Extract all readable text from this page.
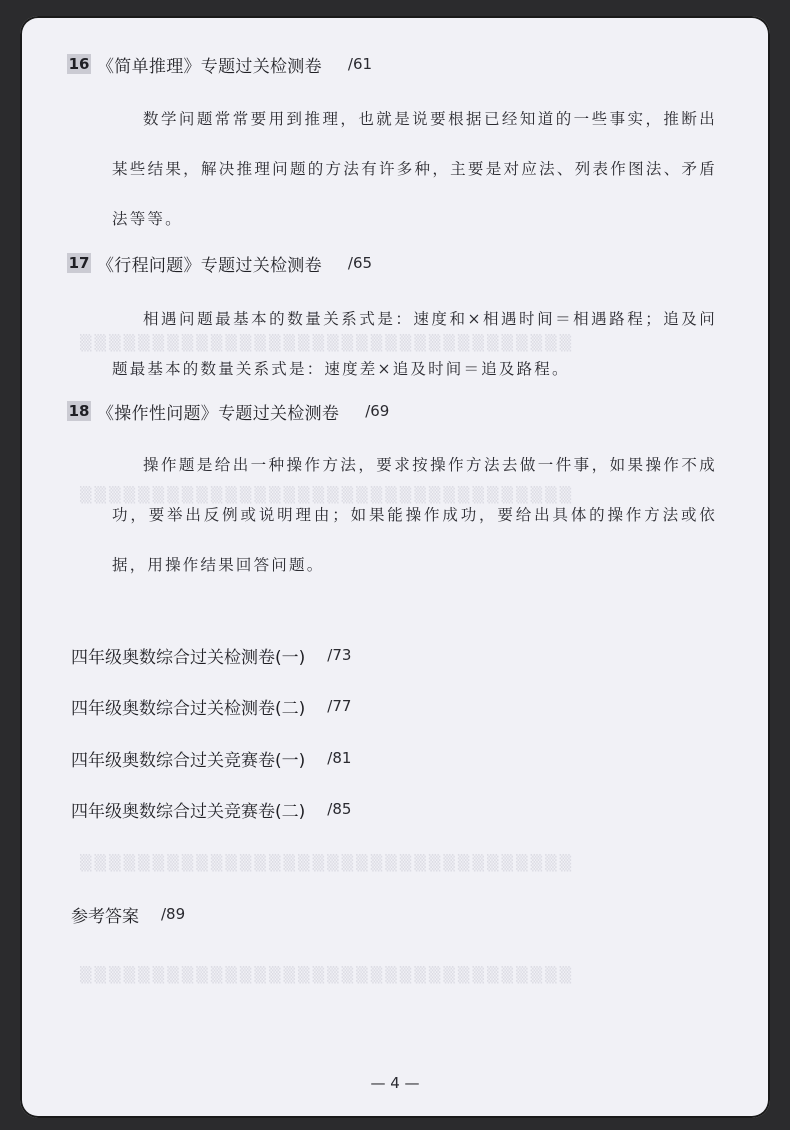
▒▒▒▒▒▒▒▒▒▒▒▒▒▒▒▒▒▒▒▒▒▒▒▒▒▒▒▒▒▒▒▒▒▒
▒▒▒▒▒▒▒▒▒▒▒▒▒▒▒▒▒▒▒▒▒▒▒▒▒▒▒▒▒▒▒▒▒▒
▒▒▒▒▒▒▒▒▒▒▒▒▒▒▒▒▒▒▒▒▒▒▒▒▒▒▒▒▒▒▒▒▒▒
▒▒▒▒▒▒▒▒▒▒▒▒▒▒▒▒▒▒▒▒▒▒▒▒▒▒▒▒▒▒▒▒▒▒
16 《简单推理》专题过关检测卷 /61

数学问题常常要用到推理，也就是说要根据已经知道的一些事实，推断出某些结果，解决推理问题的方法有许多种，主要是对应法、列表作图法、矛盾法等等。

17 《行程问题》专题过关检测卷 /65

相遇问题最基本的数量关系式是：速度和×相遇时间＝相遇路程；追及问题最基本的数量关系式是：速度差×追及时间＝追及路程。

18 《操作性问题》专题过关检测卷 /69

操作题是给出一种操作方法，要求按操作方法去做一件事，如果操作不成功，要举出反例或说明理由；如果能操作成功，要给出具体的操作方法或依据，用操作结果回答问题。

四年级奥数综合过关检测卷(一) /73
四年级奥数综合过关检测卷(二) /77
四年级奥数综合过关竞赛卷(一) /81
四年级奥数综合过关竞赛卷(二) /85
参考答案 /89
— 4 —
